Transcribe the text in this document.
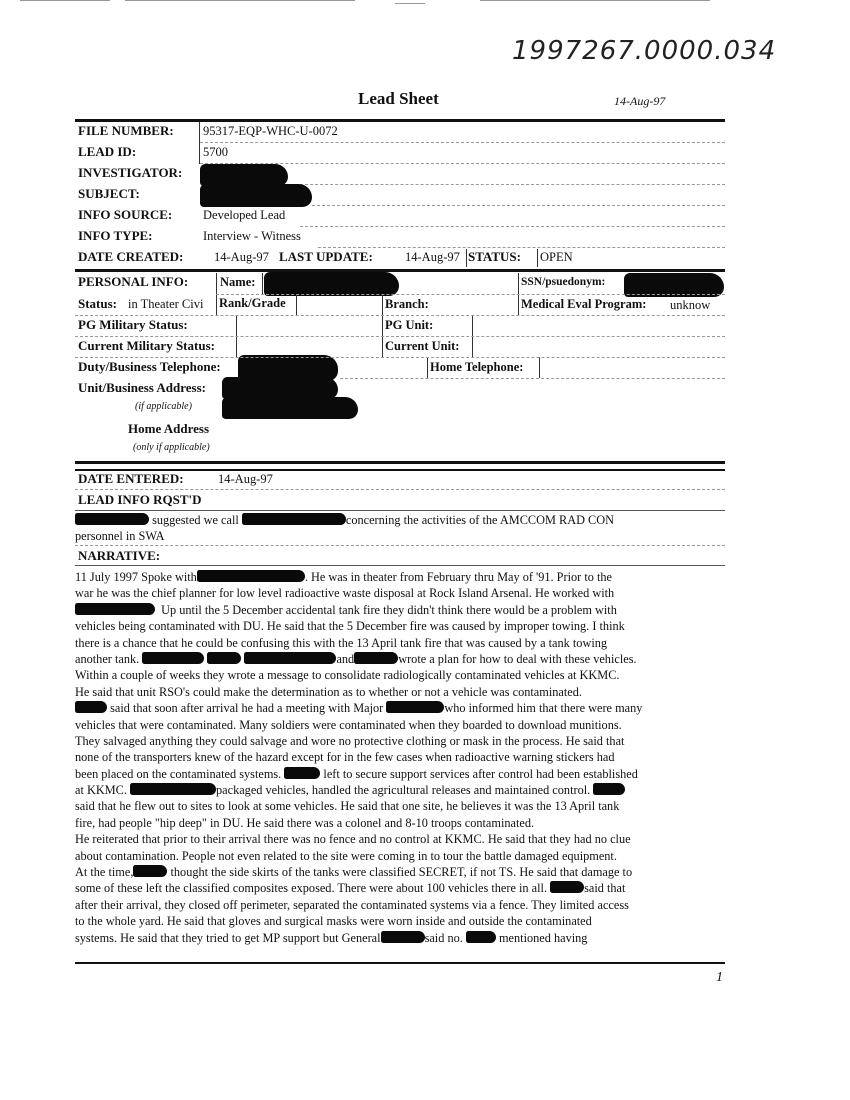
1997267.0000.034
Lead Sheet	14-Aug-97
FILE NUMBER: 95317-EQP-WHC-U-0072
LEAD ID:	5700
INVESTIGATOR:
SUBJECT:
INFO SOURCE: Developed Lead
INFO TYPE:	Interview - Witness
DATE CREATED: 14-Aug-97 LAST UPDATE:	14-Aug-97 STATUS: OPEN
PERSONAL INFO:	Name:	SSN/psuedonym:
Status: in Theater Civi Rank/Grade	Branch:	Medical Eval Program: unknow
PG Military Status:	PG Unit:
Current Military Status:	Current Unit:
Duty/Business Telephone:	Home Telephone:
Unit/Business Address:
(if applicable)
Home Address
(only if applicable)
DATE ENTERED:	14-Aug-97
LEAD INFO RQST'D
suggested we call	concerning the activities of the AMCCOM RAD CON
personnel in SWA
NARRATIVE:
11 July 1997 Spoke with	. He was in theater from February thru May of '91. Prior to the
war he was the chief planner for low level radioactive waste disposal at Rock Island Arsenal. He worked with
Up until the 5 December accidental tank fire they didn't think there would be a problem with
vehicles being contaminated with DU. He said that the 5 December fire was caused by improper towing. I think
there is a chance that he could be confusing this with the 13 April tank fire that was caused by a tank towing
another tank.	and	wrote a plan for how to deal with these vehicles.
Within a couple of weeks they wrote a message to consolidate radiologically contaminated vehicles at KKMC.
He said that unit RSO's could make the determination as to whether or not a vehicle was contaminated.
said that soon after arrival he had a meeting with Major	who informed him that there were many
vehicles that were contaminated. Many soldiers were contaminated when they boarded to download munitions.
They salvaged anything they could salvage and wore no protective clothing or mask in the process. He said that
none of the transporters knew of the hazard except for in the few cases when radioactive warning stickers had
been placed on the contaminated systems.	left to secure support services after control had been established
at KKMC.	packaged vehicles, handled the agricultural releases and maintained control.
said that he flew out to sites to look at some vehicles. He said that one site, he believes it was the 13 April tank
fire, had people "hip deep" in DU. He said there was a colonel and 8-10 troops contaminated.
He reiterated that prior to their arrival there was no fence and no control at KKMC. He said that they had no clue
about contamination. People not even related to the site were coming in to tour the battle damaged equipment.
At the time,	thought the side skirts of the tanks were classified SECRET, if not TS. He said that damage to
some of these left the classified composites exposed. There were about 100 vehicles there in all.	said that
after their arrival, they closed off perimeter, separated the contaminated systems via a fence. They limited access
to the whole yard. He said that gloves and surgical masks were worn inside and outside the contaminated
systems. He said that they tried to get MP support but General	said no.	mentioned having
1
